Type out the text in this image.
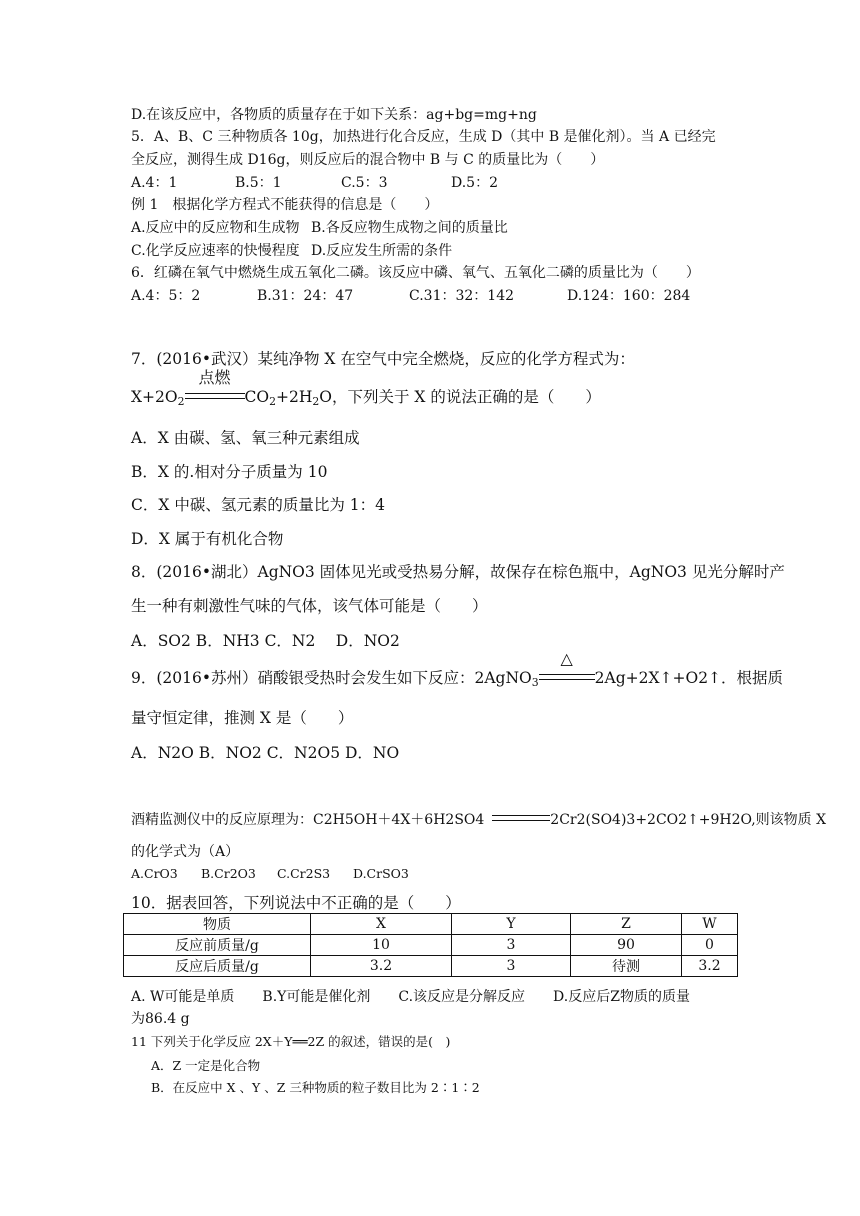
D.在该反应中，各物质的质量存在于如下关系：ag+bg=mg+ng
5．A、B、C 三种物质各 10g，加热进行化合反应，生成 D（其中 B 是催化剂）。当 A 已经完
全反应，测得生成 D16g，则反应后的混合物中 B 与 C 的质量比为（　　）
A.4：1	B.5：1	C.5：3	D.5：2
例 1　根据化学方程式不能获得的信息是（　　）
A.反应中的反应物和生成物 B.各反应物生成物之间的质量比
C.化学反应速率的快慢程度 D.反应发生所需的条件
6．红磷在氧气中燃烧生成五氧化二磷。该反应中磷、氧气、五氧化二磷的质量比为（　　）
A.4：5：2	B.31：24：47	C.31：32：142	D.124：160：284
7．(2016•武汉）某纯净物 X 在空气中完全燃烧，反应的化学方程式为：
$X+2O_2$
点燃
$CO_2+2H_2O$，下列关于 X 的说法正确的是（　　）
A．X 由碳、氢、氧三种元素组成
B．X 的.相对分子质量为 10
C．X 中碳、氢元素的质量比为 1：4
D．X 属于有机化合物
8．(2016•湖北）AgNO3 固体见光或受热易分解，故保存在棕色瓶中，AgNO3 见光分解时产
生一种有刺激性气味的气体，该气体可能是（　　）
A．SO2 B．NH3 C．N2　 D．NO2
9．(2016•苏州）硝酸银受热时会发生如下反应：2AgNO$_3$
△
2Ag+2X↑+O2↑．根据质
量守恒定律，推测 X 是（　　）
A．N2O B．NO2 C．N2O5 D．NO
酒精监测仪中的反应原理为：C2H5OH＋4X＋6H2SO4	2Cr2(SO4)3+2CO2↑+9H2O,则该物质 X
的化学式为（A）
A.CrO3 B.Cr2O3 C.Cr2S3 D.CrSO3
10．据表回答，下列说法中不正确的是（　　）
物质	X	Y	Z	W
反应前质量/g	10	3	90	0
反应后质量/g	3.2	3	待测	3.2
A. W可能是单质　　B.Y可能是催化剂　　C.该反应是分解反应　　D.反应后Z物质的质量
为86.4 g
11 下列关于化学反应 2X＋Y══2Z 的叙述，错误的是(　)
A．Z 一定是化合物
B．在反应中 X 、Y 、Z 三种物质的粒子数目比为 2∶1∶2
